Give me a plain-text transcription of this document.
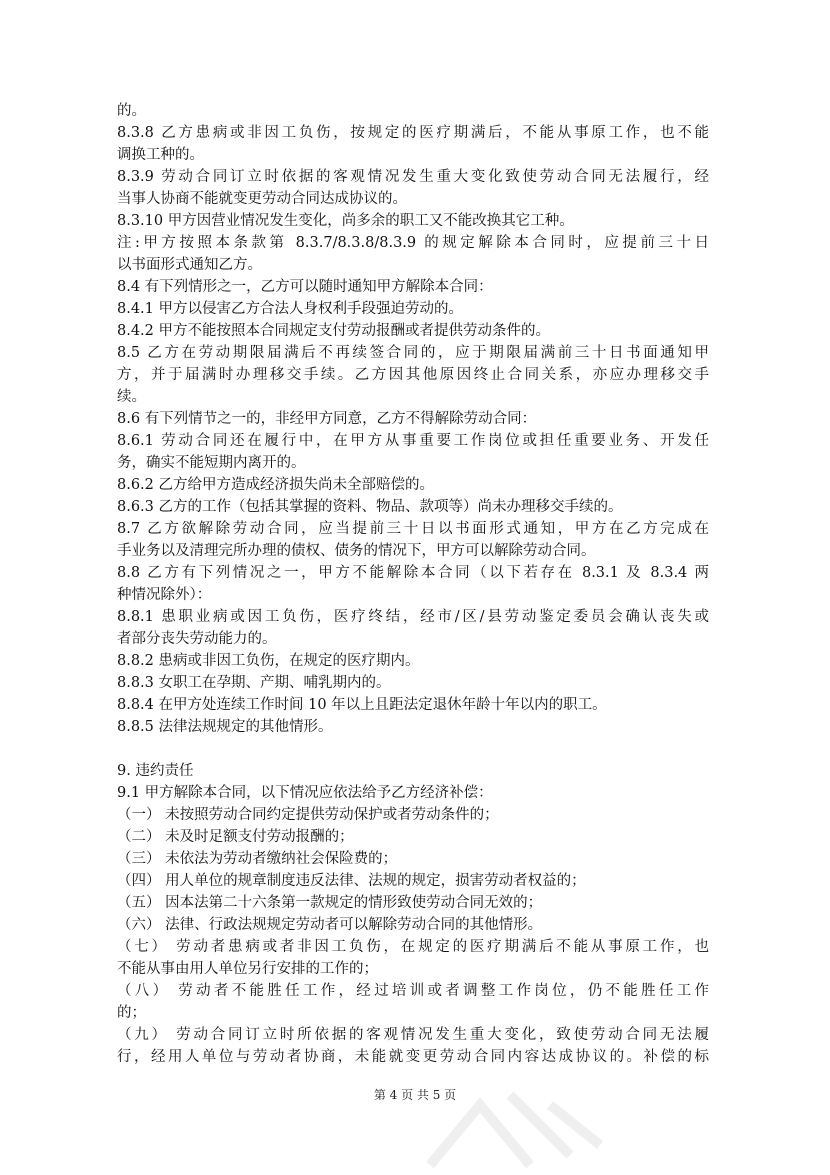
的。
8.3.8 乙方患病或非因工负伤，按规定的医疗期满后，不能从事原工作，也不能
调换工种的。
8.3.9 劳动合同订立时依据的客观情况发生重大变化致使劳动合同无法履行，经
当事人协商不能就变更劳动合同达成协议的。
8.3.10 甲方因营业情况发生变化，尚多余的职工又不能改换其它工种。
注:甲方按照本条款第 8.3.7/8.3.8/8.3.9 的规定解除本合同时，应提前三十日
以书面形式通知乙方。
8.4 有下列情形之一，乙方可以随时通知甲方解除本合同：
8.4.1 甲方以侵害乙方合法人身权利手段强迫劳动的。
8.4.2 甲方不能按照本合同规定支付劳动报酬或者提供劳动条件的。
8.5 乙方在劳动期限届满后不再续签合同的，应于期限届满前三十日书面通知甲
方，并于届满时办理移交手续。乙方因其他原因终止合同关系，亦应办理移交手
续。
8.6 有下列情节之一的，非经甲方同意，乙方不得解除劳动合同：
8.6.1 劳动合同还在履行中，在甲方从事重要工作岗位或担任重要业务、开发任
务，确实不能短期内离开的。
8.6.2 乙方给甲方造成经济损失尚未全部赔偿的。
8.6.3 乙方的工作（包括其掌握的资料、物品、款项等）尚未办理移交手续的。
8.7 乙方欲解除劳动合同，应当提前三十日以书面形式通知，甲方在乙方完成在
手业务以及清理完所办理的债权、债务的情况下，甲方可以解除劳动合同。
8.8 乙方有下列情况之一，甲方不能解除本合同（以下若存在 8.3.1 及 8.3.4 两
种情况除外）：
8.8.1 患职业病或因工负伤，医疗终结，经市/区/县劳动鉴定委员会确认丧失或
者部分丧失劳动能力的。
8.8.2 患病或非因工负伤，在规定的医疗期内。
8.8.3 女职工在孕期、产期、哺乳期内的。
8.8.4 在甲方处连续工作时间 10 年以上且距法定退休年龄十年以内的职工。
8.8.5 法律法规规定的其他情形。
9. 违约责任
9.1 甲方解除本合同，以下情况应依法给予乙方经济补偿：
（一） 未按照劳动合同约定提供劳动保护或者劳动条件的；
（二） 未及时足额支付劳动报酬的；
（三） 未依法为劳动者缴纳社会保险费的；
（四） 用人单位的规章制度违反法律、法规的规定，损害劳动者权益的；
（五） 因本法第二十六条第一款规定的情形致使劳动合同无效的；
（六） 法律、行政法规规定劳动者可以解除劳动合同的其他情形。
（七） 劳动者患病或者非因工负伤，在规定的医疗期满后不能从事原工作，也
不能从事由用人单位另行安排的工作的；
（八） 劳动者不能胜任工作，经过培训或者调整工作岗位，仍不能胜任工作
的；
（九） 劳动合同订立时所依据的客观情况发生重大变化，致使劳动合同无法履
行，经用人单位与劳动者协商，未能就变更劳动合同内容达成协议的。补偿的标
第 4 页 共 5 页
